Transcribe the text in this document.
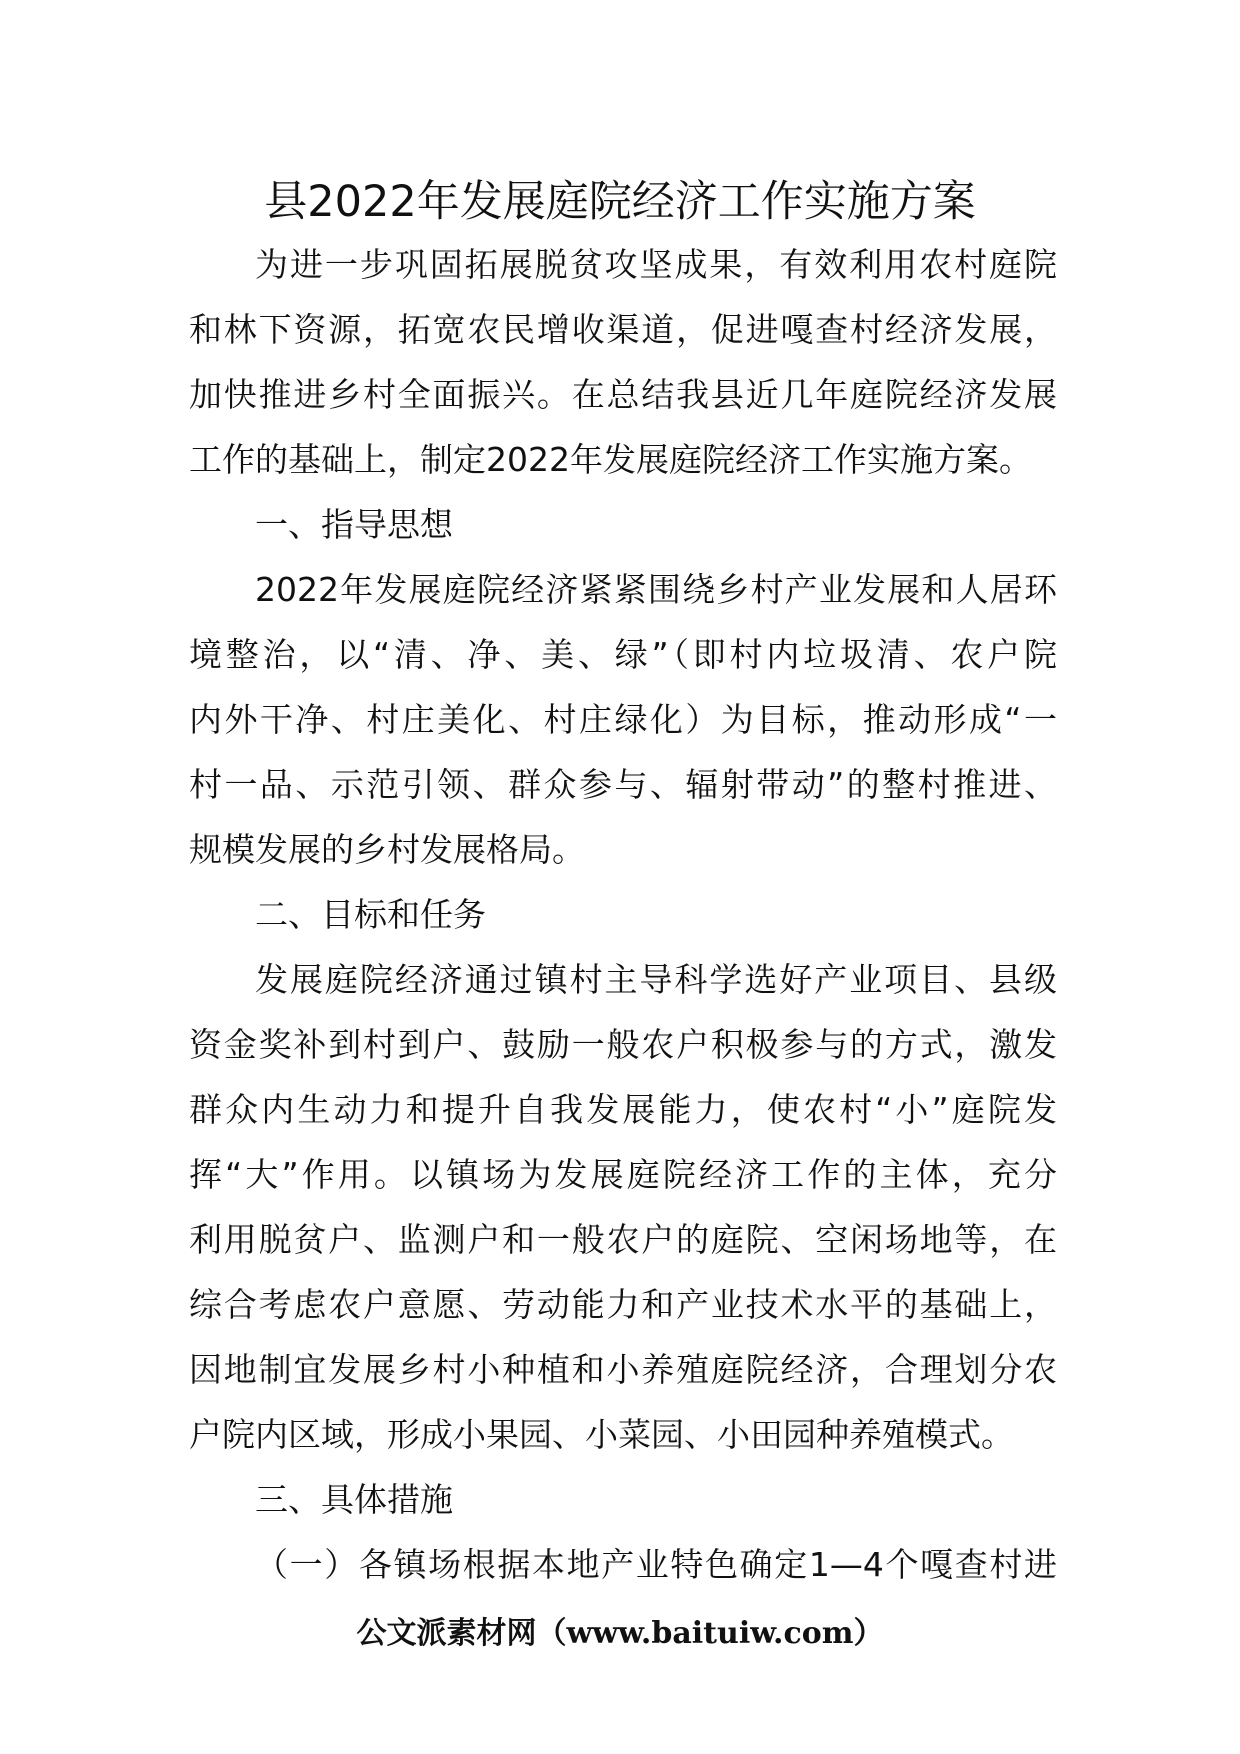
县2022年发展庭院经济工作实施方案
为进一步巩固拓展脱贫攻坚成果，有效利用农村庭院
和林下资源，拓宽农民增收渠道，促进嘎查村经济发展，
加快推进乡村全面振兴。在总结我县近几年庭院经济发展
工作的基础上，制定2022年发展庭院经济工作实施方案。
一、指导思想
2022年发展庭院经济紧紧围绕乡村产业发展和人居环
境整治，以“清、净、美、绿”（即村内垃圾清、农户院
内外干净、村庄美化、村庄绿化）为目标，推动形成“一
村一品、示范引领、群众参与、辐射带动”的整村推进、
规模发展的乡村发展格局。
二、目标和任务
发展庭院经济通过镇村主导科学选好产业项目、县级
资金奖补到村到户、鼓励一般农户积极参与的方式，激发
群众内生动力和提升自我发展能力，使农村“小”庭院发
挥“大”作用。以镇场为发展庭院经济工作的主体，充分
利用脱贫户、监测户和一般农户的庭院、空闲场地等，在
综合考虑农户意愿、劳动能力和产业技术水平的基础上，
因地制宜发展乡村小种植和小养殖庭院经济，合理划分农
户院内区域，形成小果园、小菜园、小田园种养殖模式。
三、具体措施
（一）各镇场根据本地产业特色确定1—4个嘎查村进
公文派素材网（www.baituiw.com）
